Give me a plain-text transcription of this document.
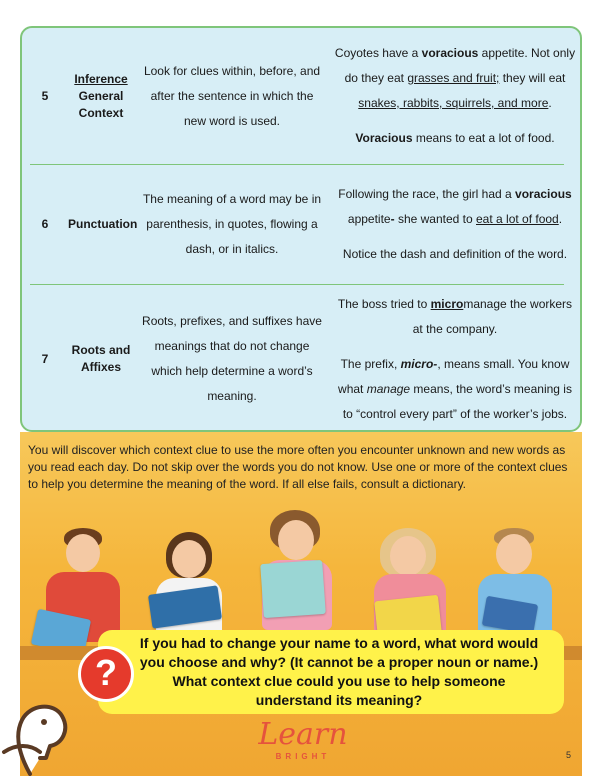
5
Inference
General
Context
Look for clues within, before, and after the sentence in which the new word is used.

Coyotes have a voracious appetite. Not only do they eat grasses and fruit; they will eat snakes, rabbits, squirrels, and more.

Voracious means to eat a lot of food.

6	Punctuation
The meaning of a word may be in parenthesis, in quotes, flowing a dash, or in italics.

Following the race, the girl had a voracious appetite- she wanted to eat a lot of food.

Notice the dash and definition of the word.

7
Roots and Affixes
Roots, prefixes, and suffixes have meanings that do not change which help determine a word’s meaning.

The boss tried to micromanage the workers at the company.

The prefix, micro-, means small. You know what manage means, the word’s meaning is to “control every part” of the worker’s jobs.

You will discover which context clue to use the more often you encounter unknown and new words as you read each day. Do not skip over the words you do not know. Use one or more of the context clues to help you determine the meaning of the word. If all else fails, consult a dictionary.

If you had to change your name to a word, what word would you choose and why? (It cannot be a proper noun or name.) What context clue could you use to help someone understand its meaning?
?
Learn
BRIGHT	5
